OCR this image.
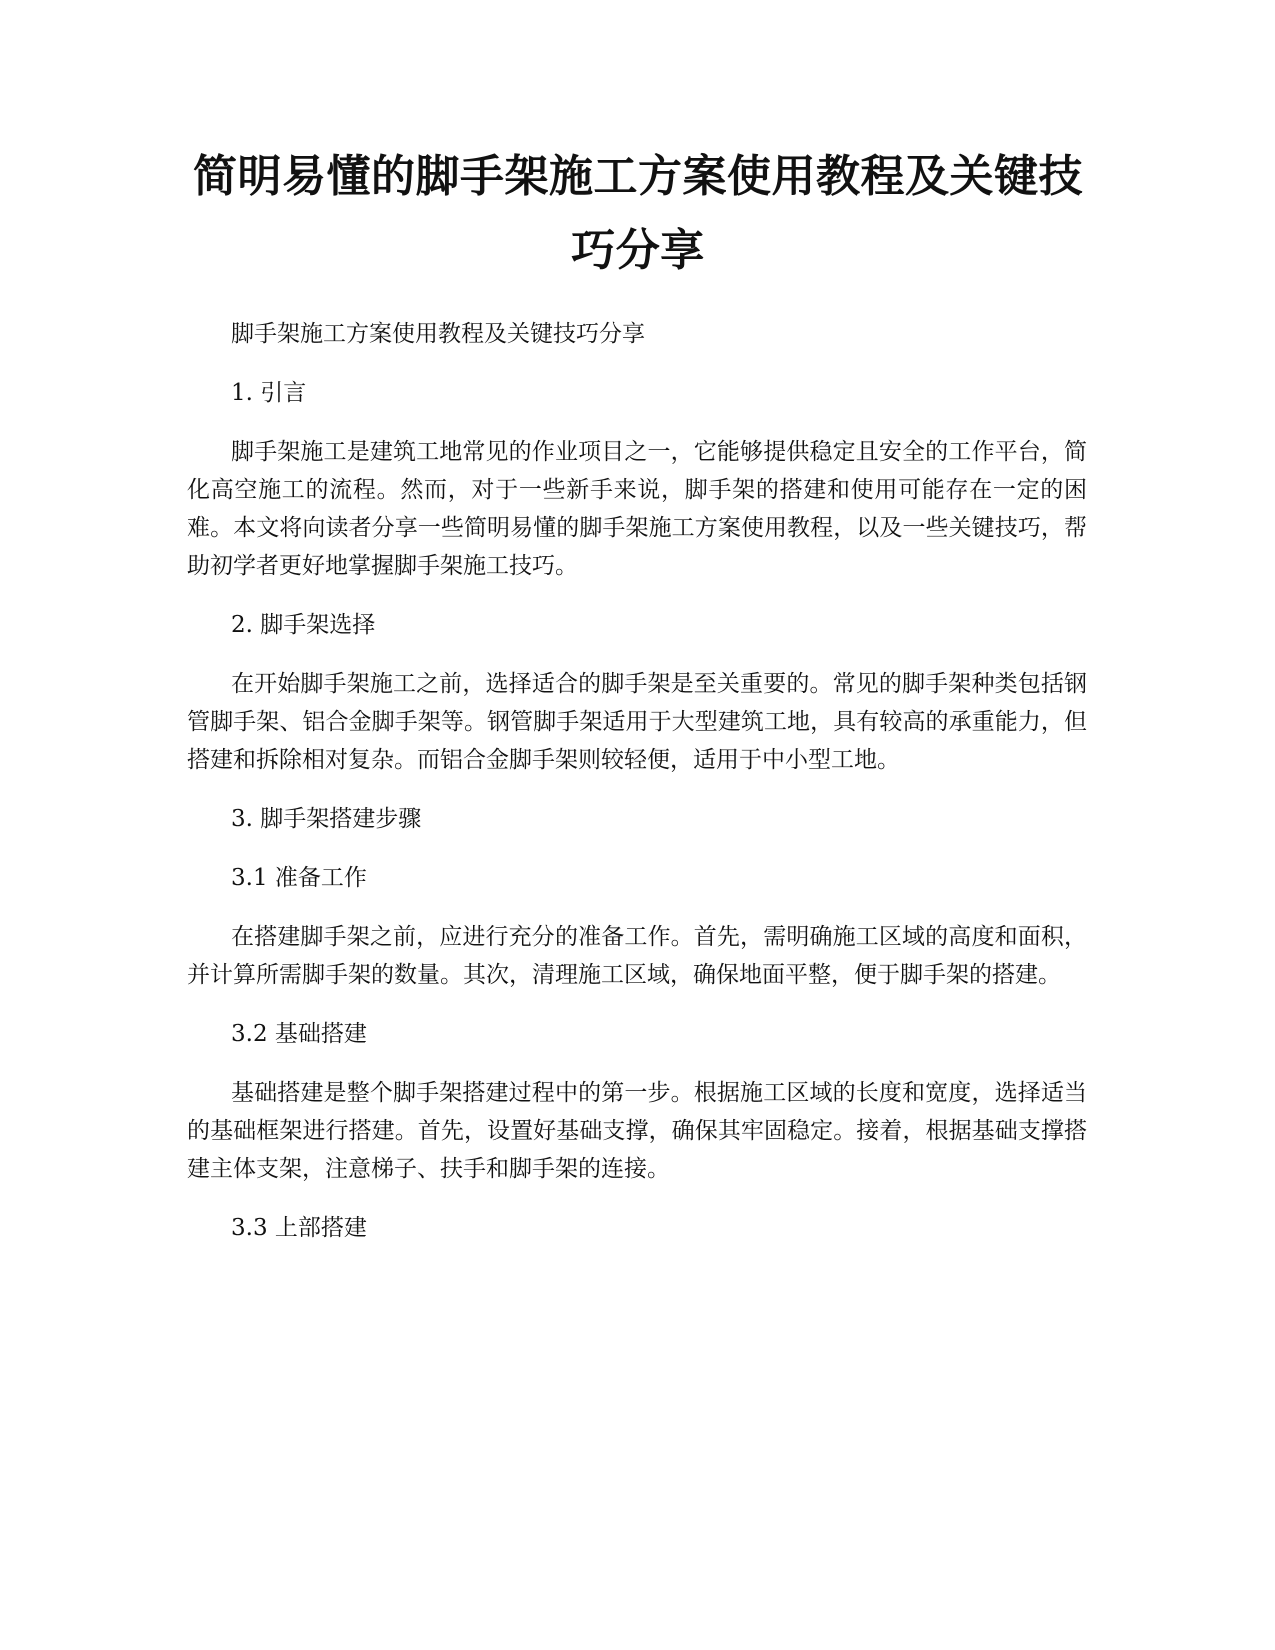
简明易懂的脚手架施工方案使用教程及关键技巧分享

脚手架施工方案使用教程及关键技巧分享

1. 引言

脚手架施工是建筑工地常见的作业项目之一，它能够提供稳定且安全的工作平台，简化高空施工的流程。然而，对于一些新手来说，脚手架的搭建和使用可能存在一定的困难。本文将向读者分享一些简明易懂的脚手架施工方案使用教程，以及一些关键技巧，帮助初学者更好地掌握脚手架施工技巧。

2. 脚手架选择

在开始脚手架施工之前，选择适合的脚手架是至关重要的。常见的脚手架种类包括钢管脚手架、铝合金脚手架等。钢管脚手架适用于大型建筑工地，具有较高的承重能力，但搭建和拆除相对复杂。而铝合金脚手架则较轻便，适用于中小型工地。

3. 脚手架搭建步骤

3.1 准备工作

在搭建脚手架之前，应进行充分的准备工作。首先，需明确施工区域的高度和面积，并计算所需脚手架的数量。其次，清理施工区域，确保地面平整，便于脚手架的搭建。

3.2 基础搭建

基础搭建是整个脚手架搭建过程中的第一步。根据施工区域的长度和宽度，选择适当的基础框架进行搭建。首先，设置好基础支撑，确保其牢固稳定。接着，根据基础支撑搭建主体支架，注意梯子、扶手和脚手架的连接。

3.3 上部搭建
